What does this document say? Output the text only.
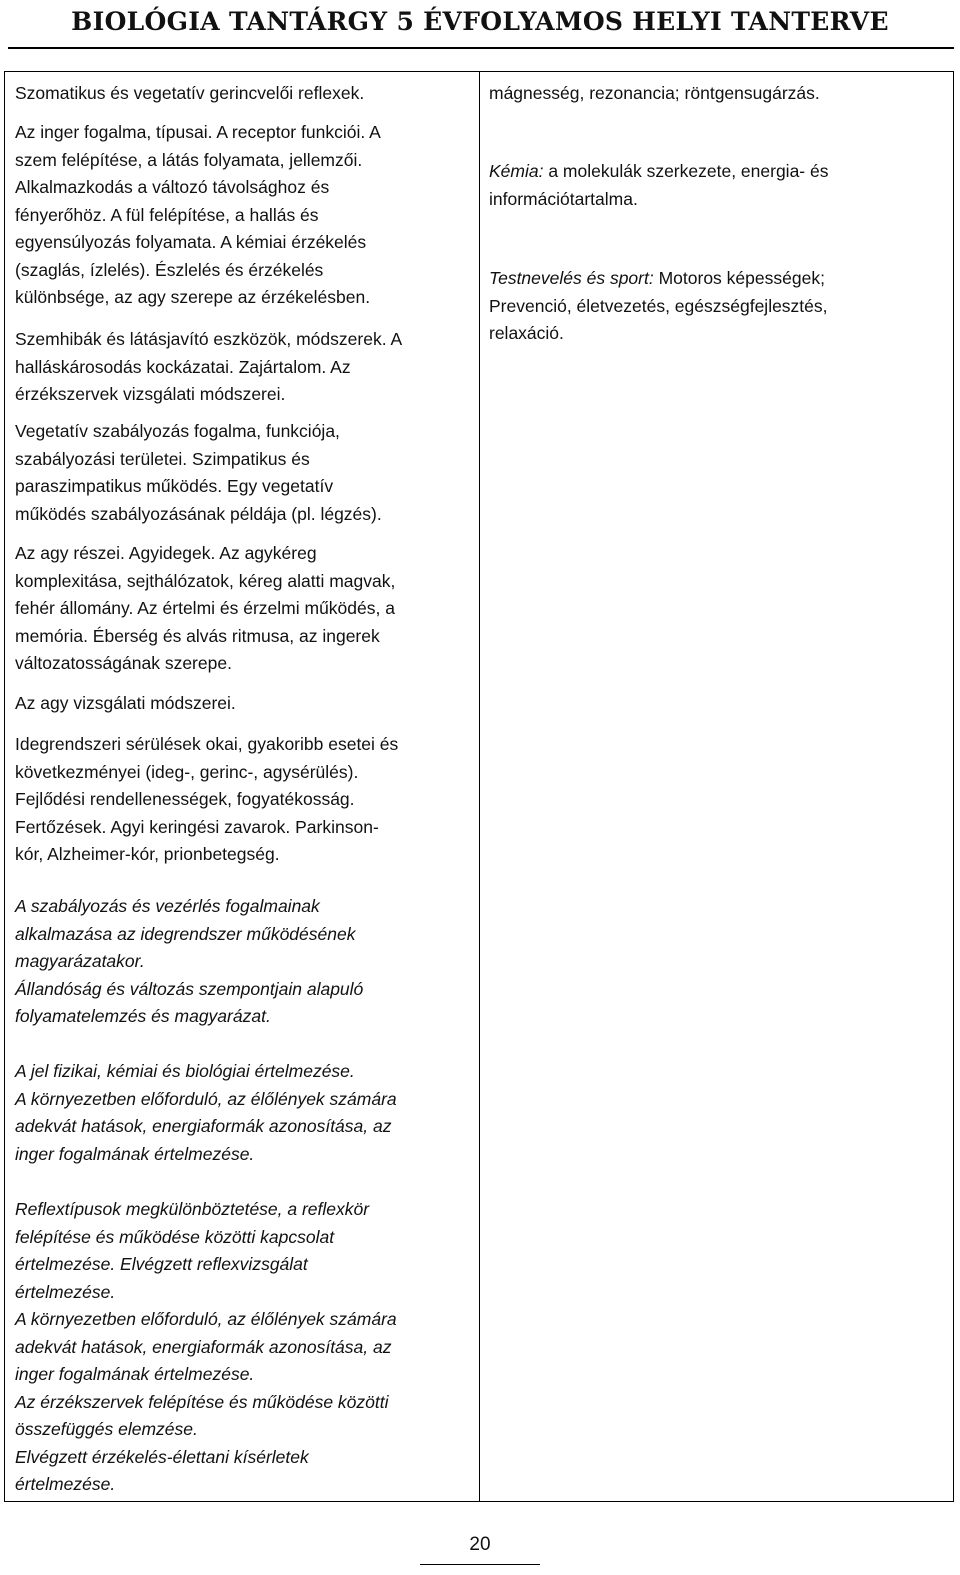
BIOLÓGIA TANTÁRGY 5 ÉVFOLYAMOS HELYI TANTERVE

Szomatikus és vegetatív gerincvelői reflexek.

Az inger fogalma, típusai. A receptor funkciói. A
szem felépítése, a látás folyamata, jellemzői.
Alkalmazkodás a változó távolsághoz és
fényerőhöz. A fül felépítése, a hallás és
egyensúlyozás folyamata. A kémiai érzékelés
(szaglás, ízlelés). Észlelés és érzékelés
különbsége, az agy szerepe az érzékelésben.

Szemhibák és látásjavító eszközök, módszerek. A
halláskárosodás kockázatai. Zajártalom. Az
érzékszervek vizsgálati módszerei.

Vegetatív szabályozás fogalma, funkciója,
szabályozási területei. Szimpatikus és
paraszimpatikus működés. Egy vegetatív
működés szabályozásának példája (pl. légzés).

Az agy részei. Agyidegek. Az agykéreg
komplexitása, sejthálózatok, kéreg alatti magvak,
fehér állomány. Az értelmi és érzelmi működés, a
memória. Éberség és alvás ritmusa, az ingerek
változatosságának szerepe.

Az agy vizsgálati módszerei.

Idegrendszeri sérülések okai, gyakoribb esetei és
következményei (ideg-, gerinc-, agysérülés).
Fejlődési rendellenességek, fogyatékosság.
Fertőzések. Agyi keringési zavarok. Parkinson-
kór, Alzheimer-kór, prionbetegség.

A szabályozás és vezérlés fogalmainak
alkalmazása az idegrendszer működésének
magyarázatakor.
Állandóság és változás szempontjain alapuló
folyamatelemzés és magyarázat.

A jel fizikai, kémiai és biológiai értelmezése.
A környezetben előforduló, az élőlények számára
adekvát hatások, energiaformák azonosítása, az
inger fogalmának értelmezése.

Reflextípusok megkülönböztetése, a reflexkör
felépítése és működése közötti kapcsolat
értelmezése. Elvégzett reflexvizsgálat
értelmezése.
A környezetben előforduló, az élőlények számára
adekvát hatások, energiaformák azonosítása, az
inger fogalmának értelmezése.
Az érzékszervek felépítése és működése közötti
összefüggés elemzése.
Elvégzett érzékelés-élettani kísérletek
értelmezése.

mágnesség, rezonancia; röntgensugárzás.

Kémia: a molekulák szerkezete, energia- és
információtartalma.

Testnevelés és sport: Motoros képességek;
Prevenció, életvezetés, egészségfejlesztés,
relaxáció.

20
